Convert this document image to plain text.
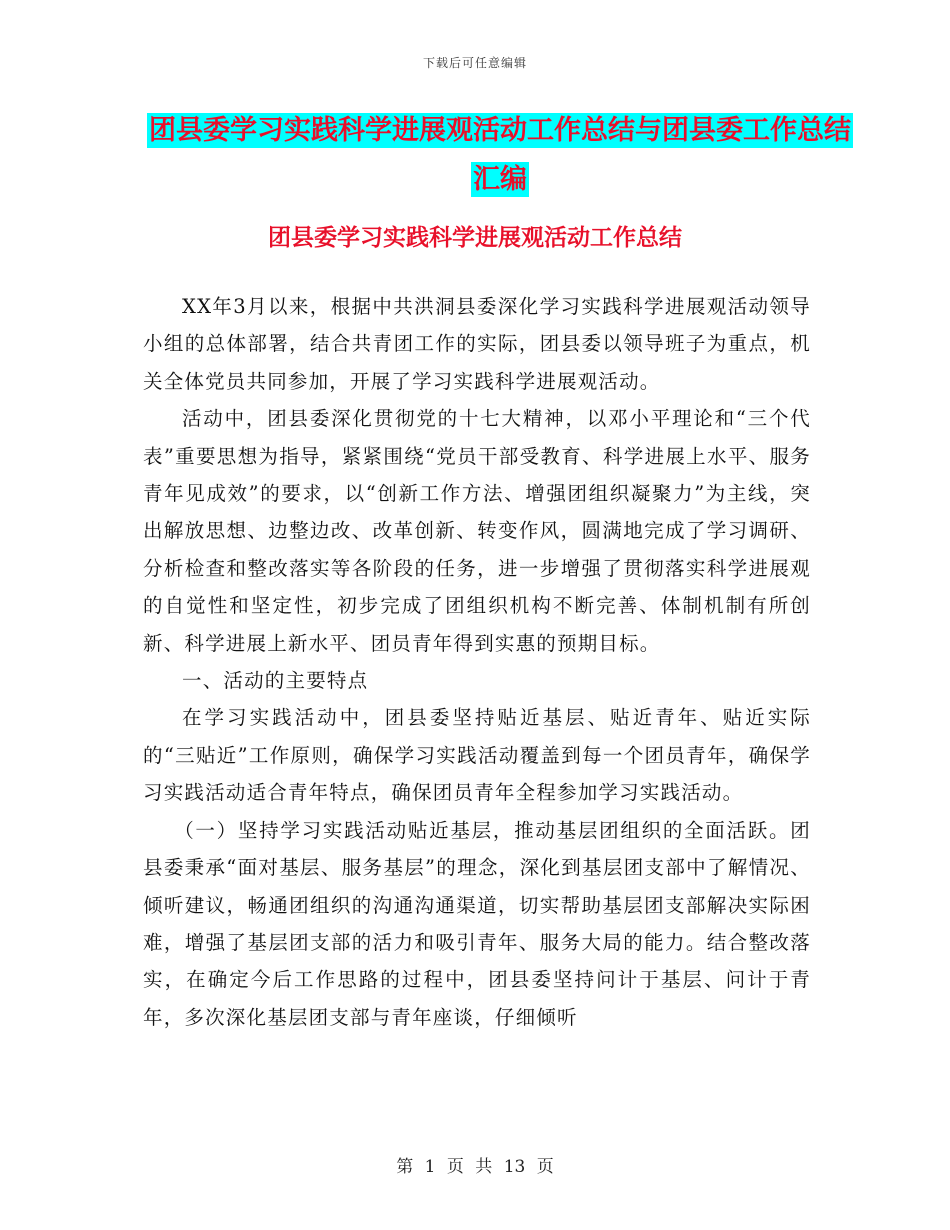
下载后可任意编辑
团县委学习实践科学进展观活动工作总结与团县委工作总结汇编
团县委学习实践科学进展观活动工作总结

XX年3月以来，根据中共洪洞县委深化学习实践科学进展观活动领导小组的总体部署，结合共青团工作的实际，团县委以领导班子为重点，机关全体党员共同参加，开展了学习实践科学进展观活动。

活动中，团县委深化贯彻党的十七大精神，以邓小平理论和“三个代表”重要思想为指导，紧紧围绕“党员干部受教育、科学进展上水平、服务青年见成效”的要求，以“创新工作方法、增强团组织凝聚力”为主线，突出解放思想、边整边改、改革创新、转变作风，圆满地完成了学习调研、分析检查和整改落实等各阶段的任务，进一步增强了贯彻落实科学进展观的自觉性和坚定性，初步完成了团组织机构不断完善、体制机制有所创新、科学进展上新水平、团员青年得到实惠的预期目标。

一、活动的主要特点

在学习实践活动中，团县委坚持贴近基层、贴近青年、贴近实际的“三贴近”工作原则，确保学习实践活动覆盖到每一个团员青年，确保学习实践活动适合青年特点，确保团员青年全程参加学习实践活动。

（一）坚持学习实践活动贴近基层，推动基层团组织的全面活跃。团县委秉承“面对基层、服务基层”的理念，深化到基层团支部中了解情况、倾听建议，畅通团组织的沟通沟通渠道，切实帮助基层团支部解决实际困难，增强了基层团支部的活力和吸引青年、服务大局的能力。结合整改落实，在确定今后工作思路的过程中，团县委坚持问计于基层、问计于青年，多次深化基层团支部与青年座谈，仔细倾听

第 1 页 共 13 页
